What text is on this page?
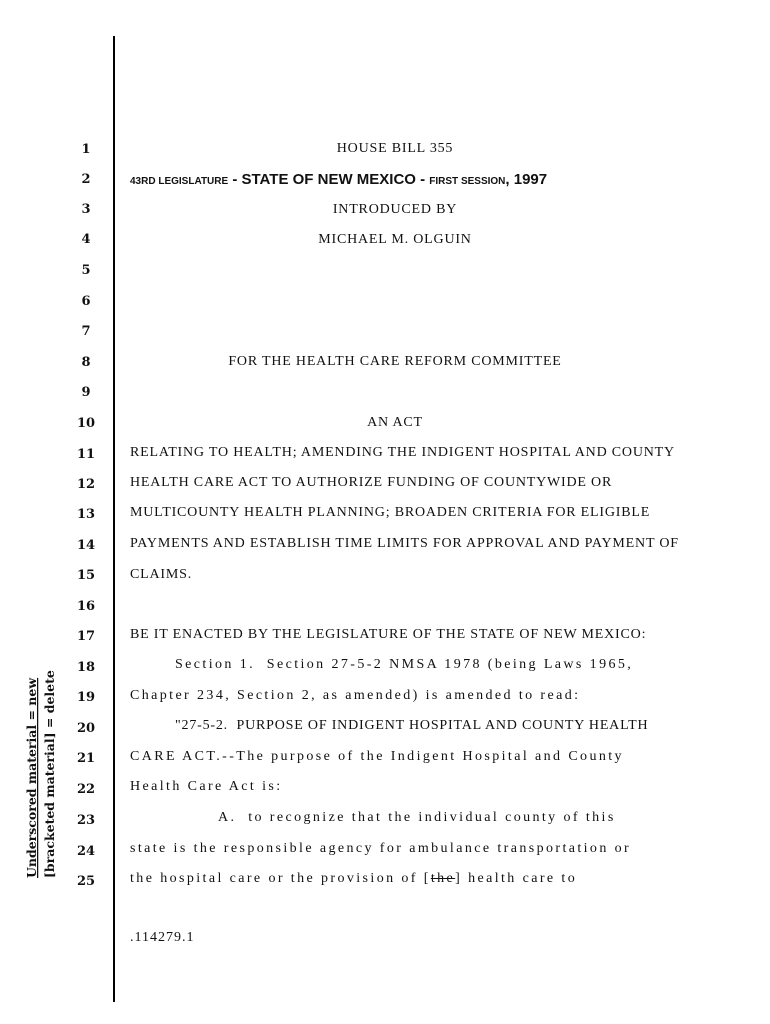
1
2
3
4
5
6
7
8
9
10
11
12
13
14
15
16
17
18
19
20
21
22
23
24
25
HOUSE BILL 355
43RD LEGISLATURE - STATE OF NEW MEXICO - FIRST SESSION, 1997
INTRODUCED BY
MICHAEL M. OLGUIN
FOR THE HEALTH CARE REFORM COMMITTEE
AN ACT
RELATING TO HEALTH; AMENDING THE INDIGENT HOSPITAL AND COUNTY
HEALTH CARE ACT TO AUTHORIZE FUNDING OF COUNTYWIDE OR
MULTICOUNTY HEALTH PLANNING; BROADEN CRITERIA FOR ELIGIBLE
PAYMENTS AND ESTABLISH TIME LIMITS FOR APPROVAL AND PAYMENT OF
CLAIMS.
BE IT ENACTED BY THE LEGISLATURE OF THE STATE OF NEW MEXICO:
Section 1.  Section 27-5-2 NMSA 1978 (being Laws 1965,
Chapter 234, Section 2, as amended) is amended to read:
"27-5-2.  PURPOSE OF INDIGENT HOSPITAL AND COUNTY HEALTH
CARE ACT.--The purpose of the Indigent Hospital and County
Health Care Act is:
A.  to recognize that the individual county of this
state is the responsible agency for ambulance transportation or
the hospital care or the provision of [the] health care to
.114279.1
Underscored material = new [bracketed material] = delete
